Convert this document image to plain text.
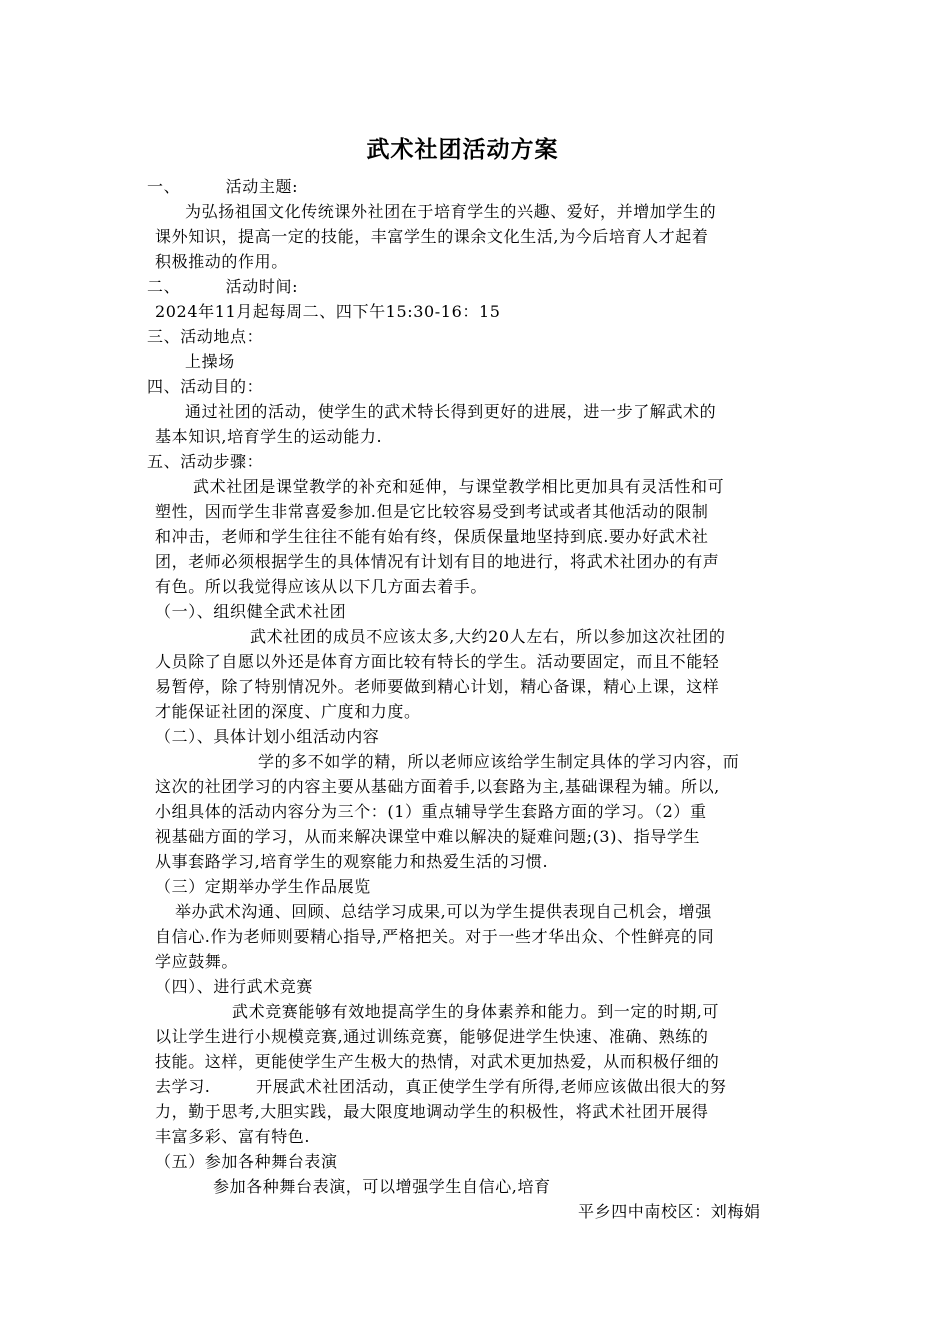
武术社团活动方案
一、        活动主题:
为弘扬祖国文化传统课外社团在于培育学生的兴趣、爱好，并增加学生的
课外知识，提高一定的技能，丰富学生的课余文化生活,为今后培育人才起着
积极推动的作用。
二、        活动时间:
2024年11月起每周二、四下午15:30-16：15
三、活动地点：
上操场
四、活动目的：
通过社团的活动，使学生的武术特长得到更好的进展，进一步了解武术的
基本知识,培育学生的运动能力.
五、活动步骤：
武术社团是课堂教学的补充和延伸，与课堂教学相比更加具有灵活性和可
塑性，因而学生非常喜爱参加.但是它比较容易受到考试或者其他活动的限制
和冲击，老师和学生往往不能有始有终，保质保量地坚持到底.要办好武术社
团，老师必须根据学生的具体情况有计划有目的地进行，将武术社团办的有声
有色。所以我觉得应该从以下几方面去着手。
（一）、组织健全武术社团
武术社团的成员不应该太多,大约20人左右，所以参加这次社团的
人员除了自愿以外还是体育方面比较有特长的学生。活动要固定，而且不能轻
易暂停，除了特别情况外。老师要做到精心计划，精心备课，精心上课，这样
才能保证社团的深度、广度和力度。
（二）、具体计划小组活动内容
学的多不如学的精，所以老师应该给学生制定具体的学习内容，而
这次的社团学习的内容主要从基础方面着手,以套路为主,基础课程为辅。所以,
小组具体的活动内容分为三个：(1）重点辅导学生套路方面的学习。（2）重
视基础方面的学习，从而来解决课堂中难以解决的疑难问题;(3)、指导学生
从事套路学习,培育学生的观察能力和热爱生活的习惯.
（三）定期举办学生作品展览
举办武术沟通、回顾、总结学习成果,可以为学生提供表现自己机会，增强
自信心.作为老师则要精心指导,严格把关。对于一些才华出众、个性鲜亮的同
学应鼓舞。
（四）、进行武术竞赛
武术竞赛能够有效地提高学生的身体素养和能力。到一定的时期,可
以让学生进行小规模竞赛,通过训练竞赛，能够促进学生快速、准确、熟练的
技能。这样，更能使学生产生极大的热情，对武术更加热爱，从而积极仔细的
去学习.        开展武术社团活动，真正使学生学有所得,老师应该做出很大的努
力，勤于思考,大胆实践，最大限度地调动学生的积极性，将武术社团开展得
丰富多彩、富有特色.
（五）参加各种舞台表演
参加各种舞台表演，可以增强学生自信心,培育
平乡四中南校区：刘梅娟
